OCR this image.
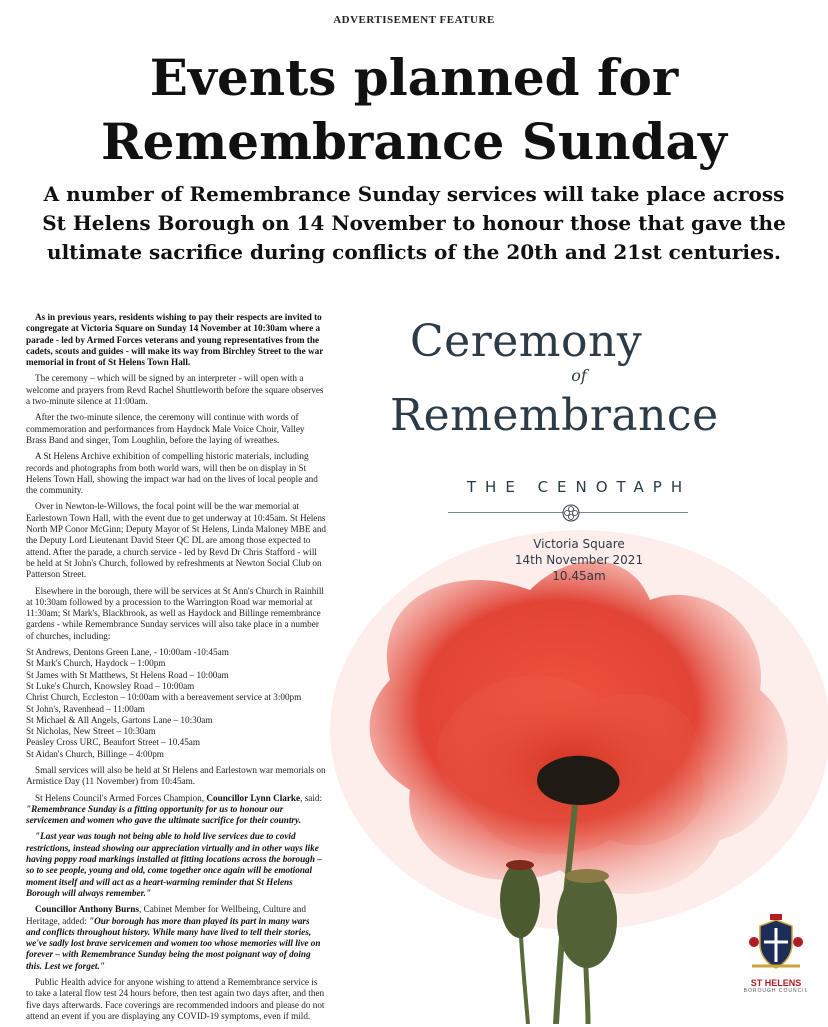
ADVERTISEMENT FEATURE
Events planned for
Remembrance Sunday

A number of Remembrance Sunday services will take place across St Helens Borough on 14 November to honour those that gave the ultimate sacrifice during conflicts of the 20th and 21st centuries.

As in previous years, residents wishing to pay their respects are invited to congregate at Victoria Square on Sunday 14 November at 10:30am where a parade - led by Armed Forces veterans and young representatives from the cadets, scouts and guides - will make its way from Birchley Street to the war memorial in front of St Helens Town Hall.

The ceremony – which will be signed by an interpreter - will open with a welcome and prayers from Revd Rachel Shuttleworth before the square observes a two-minute silence at 11:00am.

After the two-minute silence, the ceremony will continue with words of commemoration and performances from Haydock Male Voice Choir, Valley Brass Band and singer, Tom Loughlin, before the laying of wreathes.

A St Helens Archive exhibition of compelling historic materials, including records and photographs from both world wars, will then be on display in St Helens Town Hall, showing the impact war had on the lives of local people and the community.

Over in Newton-le-Willows, the focal point will be the war memorial at Earlestown Town Hall, with the event due to get underway at 10:45am. St Helens North MP Conor McGinn; Deputy Mayor of St Helens, Linda Maloney MBE and the Deputy Lord Lieutenant David Steer QC DL are among those expected to attend. After the parade, a church service - led by Revd Dr Chris Stafford - will be held at St John's Church, followed by refreshments at Newton Social Club on Patterson Street.

Elsewhere in the borough, there will be services at St Ann's Church in Rainhill at 10:30am followed by a procession to the Warrington Road war memorial at 11:30am; St Mark's, Blackbrook, as well as Haydock and Billinge remembrance gardens - while Remembrance Sunday services will also take place in a number of churches, including:

St Andrews, Dentons Green Lane, - 10:00am -10:45am
St Mark's Church, Haydock – 1:00pm
St James with St Matthews, St Helens Road – 10:00am
St Luke's Church, Knowsley Road – 10:00am
Christ Church, Eccleston – 10:00am with a bereavement service at 3:00pm
St John's, Ravenhead – 11:00am
St Michael & All Angels, Gartons Lane – 10:30am
St Nicholas, New Street – 10:30am
Peasley Cross URC, Beaufort Street – 10.45am
St Aidan's Church, Billinge – 4:00pm

Small services will also be held at St Helens and Earlestown war memorials on Armistice Day (11 November) from 10:45am.

St Helens Council's Armed Forces Champion, Councillor Lynn Clarke, said: "Remembrance Sunday is a fitting opportunity for us to honour our servicemen and women who gave the ultimate sacrifice for their country.

"Last year was tough not being able to hold live services due to covid restrictions, instead showing our appreciation virtually and in other ways like having poppy road markings installed at fitting locations across the borough – so to see people, young and old, come together once again will be emotional moment itself and will act as a heart-warming reminder that St Helens Borough will always remember."

Councillor Anthony Burns, Cabinet Member for Wellbeing, Culture and Heritage, added: "Our borough has more than played its part in many wars and conflicts throughout history. While many have lived to tell their stories, we've sadly lost brave servicemen and women too whose memories will live on forever – with Remembrance Sunday being the most poignant way of doing this. Lest we forget."

Public Health advice for anyone wishing to attend a Remembrance service is to take a lateral flow test 24 hours before, then test again two days after, and then five days afterwards. Face coverings are recommended indoors and please do not attend an event if you are displaying any COVID-19 symptoms, even if mild.

Ceremony
Remembrance
of
THE CENOTAPH
Victoria Square
14th November 2021
10.45am
ST HELENS
BOROUGH COUNCIL
